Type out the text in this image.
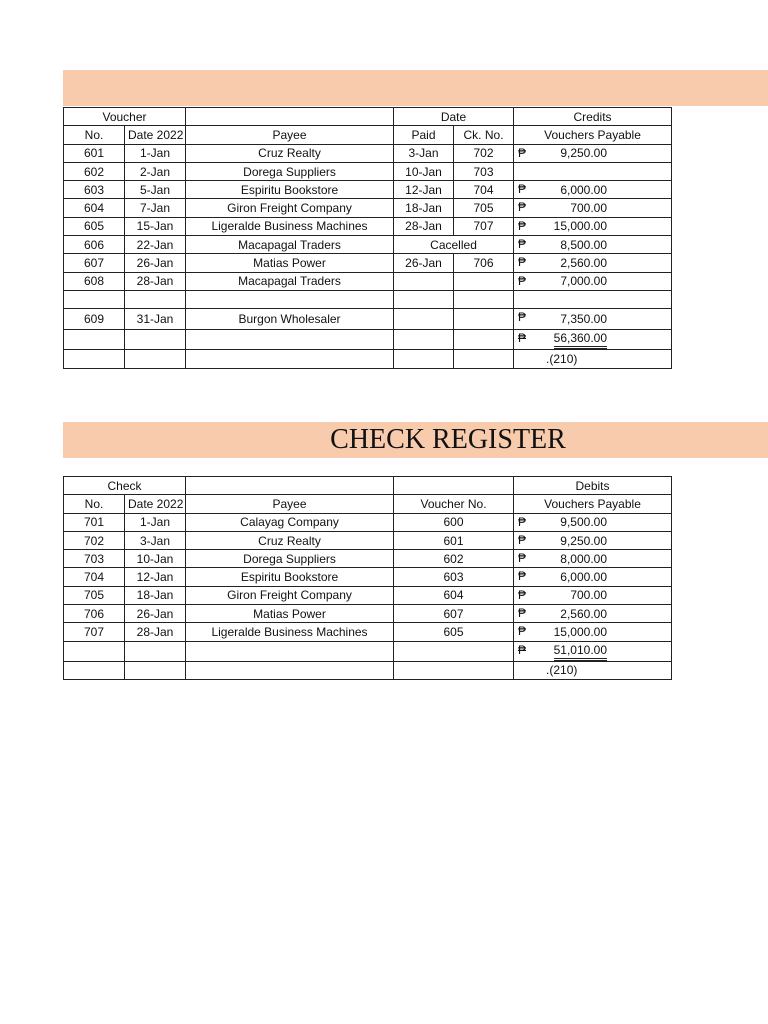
Voucher			Date		Credits
No.	Date 2022	Payee	Paid	Ck. No.	Vouchers Payable
601	1-Jan	Cruz Realty	3-Jan	702	₱ 9,250.00
602	2-Jan	Dorega Suppliers	10-Jan	703	

603	5-Jan	Espiritu Bookstore	12-Jan	704	₱ 6,000.00
604	7-Jan	Giron Freight Company	18-Jan	705	₱ 700.00
605	15-Jan	Ligeralde Business Machines	28-Jan	707	₱ 15,000.00
606	22-Jan	Macapagal Traders	Cacelled		₱ 8,500.00
607	26-Jan	Matias Power	26-Jan	706	₱ 2,560.00
608	28-Jan	Macapagal Traders			₱ 7,000.00

609	31-Jan	Burgon Wholesaler			₱ 7,350.00

					₱ 56,360.00
					.(210)
CHECK REGISTER
Check				Debits
No.	Date 2022	Payee	Voucher No.	Vouchers Payable
701	1-Jan	Calayag Company	600	₱ 9,500.00
702	3-Jan	Cruz Realty	601	₱ 9,250.00
703	10-Jan	Dorega Suppliers	602	₱ 8,000.00
704	12-Jan	Espiritu Bookstore	603	₱ 6,000.00
705	18-Jan	Giron Freight Company	604	₱ 700.00
706	26-Jan	Matias Power	607	₱ 2,560.00
707	28-Jan	Ligeralde Business Machines	605	₱ 15,000.00

				₱ 51,010.00
				.(210)
